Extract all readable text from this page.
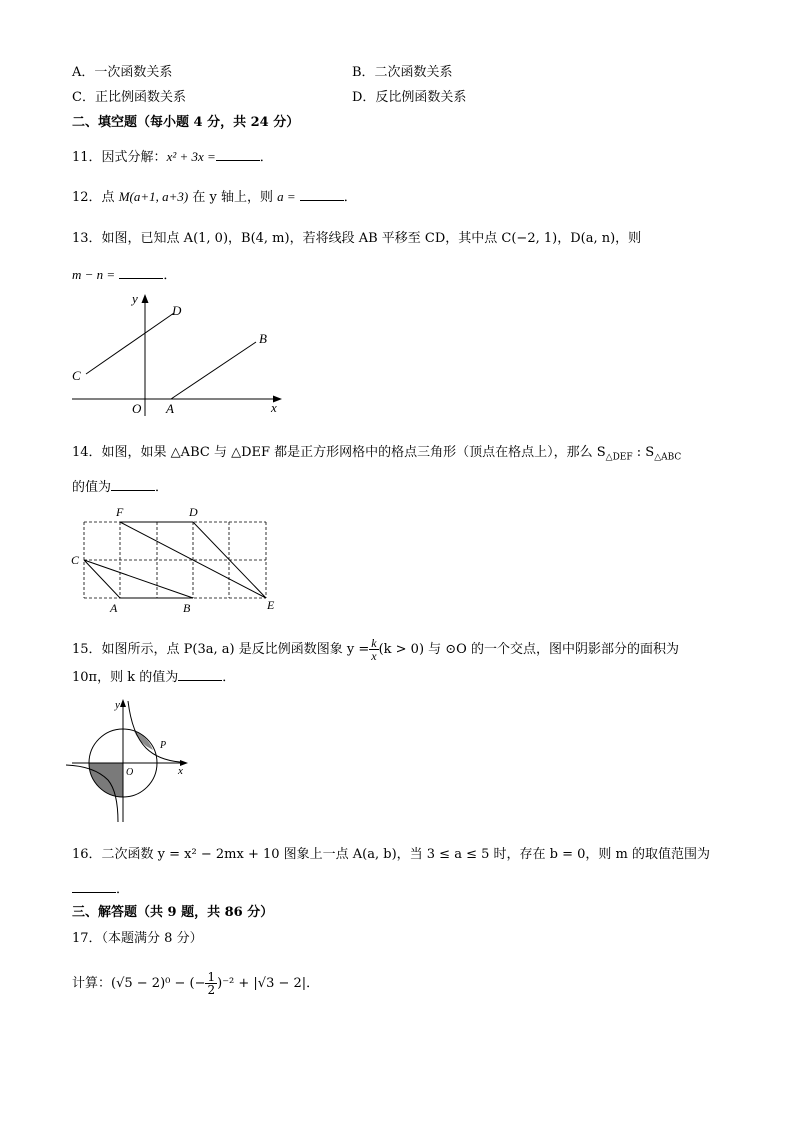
A．一次函数关系	B．二次函数关系
C．正比例函数关系	D．反比例函数关系
二、填空题（每小题 4 分，共 24 分）
11．因式分解：x² + 3x =	．
12．点 M(a+1, a+3) 在 y 轴上，则 a =	．
13．如图，已知点 A(1, 0)，B(4, m)，若将线段 AB 平移至 CD，其中点 C(−2, 1)，D(a, n)，则
m − n =	．
y
x
O A
B
C
D
14．如图，如果 △ABC 与 △DEF 都是正方形网格中的格点三角形（顶点在格点上），那么 $S_{\triangle DEF}$ : $S_{\triangle ABC}$
的值为	．
F	D
C
A	B	E
15．如图所示，点 P(3a, a) 是反比例函数图象 $y = \frac{k}{x} (k > 0)$ 与 ⊙O 的一个交点，图中阴影部分的面积为
10π，则 k 的值为	．
y
x
O
P
16．二次函数 y = x² − 2mx + 10 图象上一点 A(a, b)，当 3 ≤ a ≤ 5 时，存在 b = 0，则 m 的取值范围为
．
三、解答题（共 9 题，共 86 分）
17．（本题满分 8 分）
计算：(√5 − 2)⁰ − (− $\frac{1}{2} )^{-2} + |√3 - 2|$．
